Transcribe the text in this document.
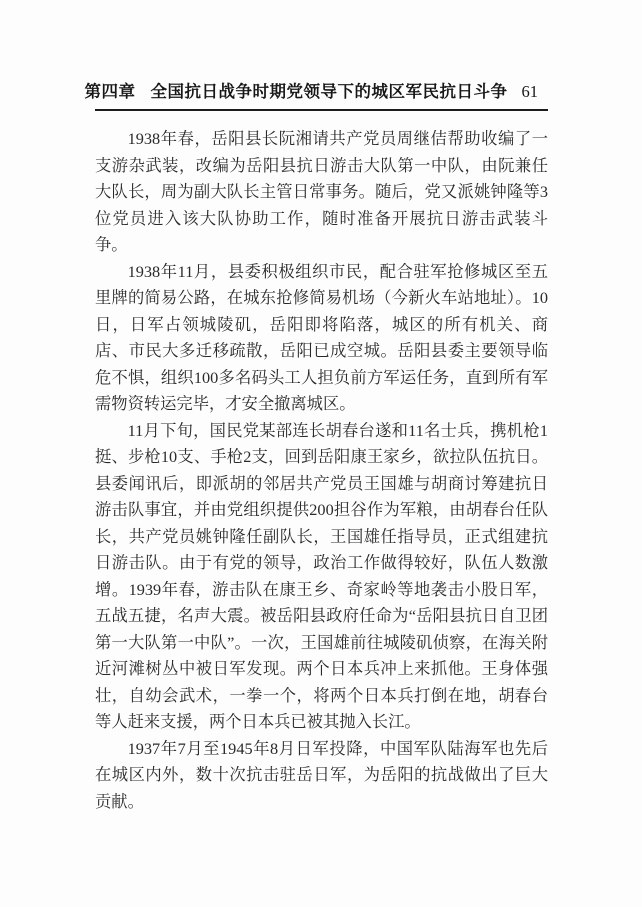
第四章 全国抗日战争时期党领导下的城区军民抗日斗争 61

1938年春，岳阳县长阮湘请共产党员周继佶帮助收编了一支游杂武装，改编为岳阳县抗日游击大队第一中队，由阮兼任大队长，周为副大队长主管日常事务。随后，党又派姚钟隆等3位党员进入该大队协助工作，随时准备开展抗日游击武装斗争。

1938年11月，县委积极组织市民，配合驻军抢修城区至五里牌的简易公路，在城东抢修简易机场（今新火车站地址）。10日，日军占领城陵矶，岳阳即将陷落，城区的所有机关、商店、市民大多迁移疏散，岳阳已成空城。岳阳县委主要领导临危不惧，组织100多名码头工人担负前方军运任务，直到所有军需物资转运完毕，才安全撤离城区。

11月下旬，国民党某部连长胡春台遂和11名士兵，携机枪1挺、步枪10支、手枪2支，回到岳阳康王家乡，欲拉队伍抗日。县委闻讯后，即派胡的邻居共产党员王国雄与胡商讨筹建抗日游击队事宜，并由党组织提供200担谷作为军粮，由胡春台任队长，共产党员姚钟隆任副队长，王国雄任指导员，正式组建抗日游击队。由于有党的领导，政治工作做得较好，队伍人数激增。1939年春，游击队在康王乡、奇家岭等地袭击小股日军，五战五捷，名声大震。被岳阳县政府任命为“岳阳县抗日自卫团第一大队第一中队”。一次，王国雄前往城陵矶侦察，在海关附近河滩树丛中被日军发现。两个日本兵冲上来抓他。王身体强壮，自幼会武术，一拳一个，将两个日本兵打倒在地，胡春台等人赶来支援，两个日本兵已被其抛入长江。

1937年7月至1945年8月日军投降，中国军队陆海军也先后在城区内外，数十次抗击驻岳日军，为岳阳的抗战做出了巨大贡献。
